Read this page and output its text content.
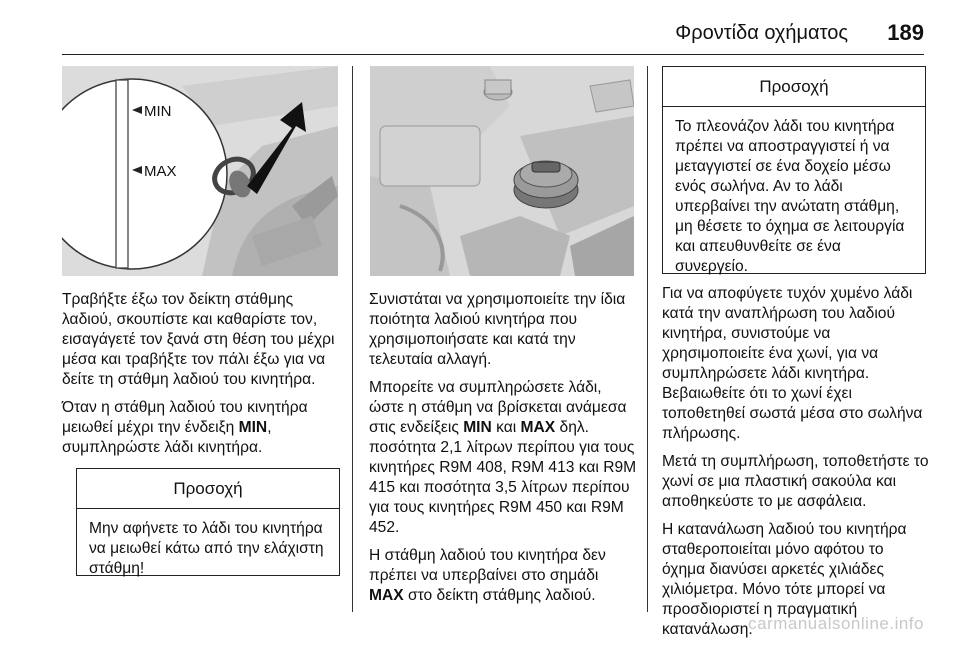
Φροντίδα οχήματος 189
MIN
MAX

Τραβήξτε έξω τον δείκτη στάθμης λαδιού, σκουπίστε και καθαρίστε τον, εισαγάγετέ τον ξανά στη θέση του μέχρι μέσα και τραβήξτε τον πάλι έξω για να δείτε τη στάθμη λαδιού του κινητήρα.

Όταν η στάθμη λαδιού του κινητήρα μειωθεί μέχρι την ένδειξη MIN, συμπληρώστε λάδι κινητήρα.

Προσοχή
Μην αφήνετε το λάδι του κινητήρα να μειωθεί κάτω από την ελάχιστη στάθμη!

Συνιστάται να χρησιμοποιείτε την ίδια ποιότητα λαδιού κινητήρα που χρησιμοποιήσατε και κατά την τελευταία αλλαγή.

Μπορείτε να συμπληρώσετε λάδι, ώστε η στάθμη να βρίσκεται ανάμεσα στις ενδείξεις MIN και MAX δηλ. ποσότητα 2,1 λίτρων περίπου για τους κινητήρες R9M 408, R9M 413 και R9M 415 και ποσότητα 3,5 λίτρων περίπου για τους κινητήρες R9M 450 και R9M 452.

Η στάθμη λαδιού του κινητήρα δεν πρέπει να υπερβαίνει στο σημάδι MAX στο δείκτη στάθμης λαδιού.

Προσοχή
Το πλεονάζον λάδι του κινητήρα πρέπει να αποστραγγιστεί ή να μεταγγιστεί σε ένα δοχείο μέσω ενός σωλήνα. Αν το λάδι υπερβαίνει την ανώτατη στάθμη, μη θέσετε το όχημα σε λειτουργία και απευθυνθείτε σε ένα συνεργείο.

Για να αποφύγετε τυχόν χυμένο λάδι κατά την αναπλήρωση του λαδιού κινητήρα, συνιστούμε να χρησιμοποιείτε ένα χωνί, για να συμπληρώσετε λάδι κινητήρα. Βεβαιωθείτε ότι το χωνί έχει τοποθετηθεί σωστά μέσα στο σωλήνα πλήρωσης.

Μετά τη συμπλήρωση, τοποθετήστε το χωνί σε μια πλαστική σακούλα και αποθηκεύστε το με ασφάλεια.

Η κατανάλωση λαδιού του κινητήρα σταθεροποιείται μόνο αφότου το όχημα διανύσει αρκετές χιλιάδες χιλιόμετρα. Μόνο τότε μπορεί να προσδιοριστεί η πραγματική κατανάλωση.

carmanualsonline.info
